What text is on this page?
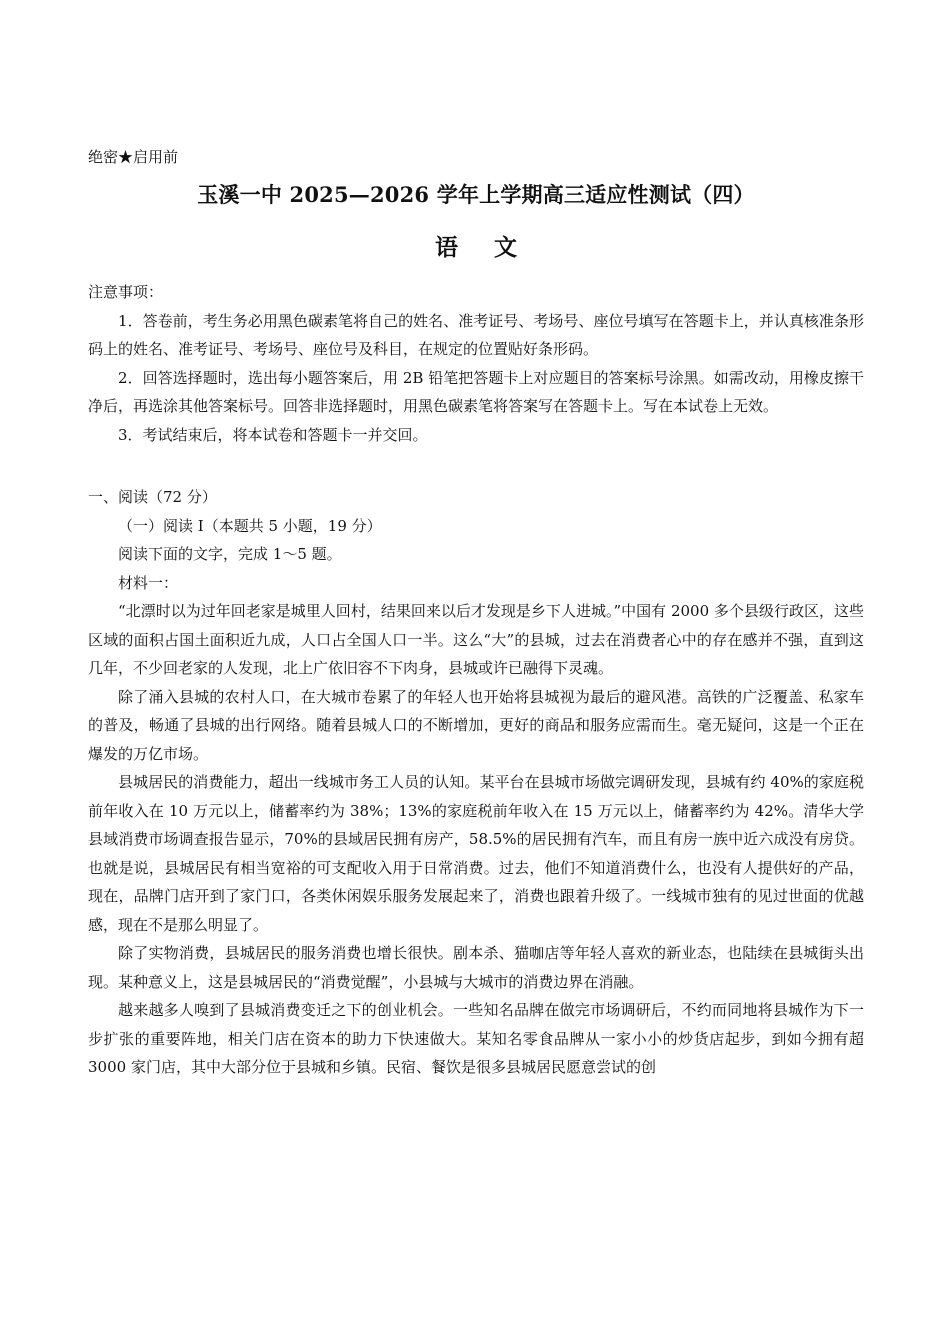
绝密★启用前
玉溪一中 2025—2026 学年上学期高三适应性测试（四）
语文

注意事项：

1．答卷前，考生务必用黑色碳素笔将自己的姓名、准考证号、考场号、座位号填写在答题卡上，并认真核准条形码上的姓名、准考证号、考场号、座位号及科目，在规定的位置贴好条形码。

2．回答选择题时，选出每小题答案后，用 2B 铅笔把答题卡上对应题目的答案标号涂黑。如需改动，用橡皮擦干净后，再选涂其他答案标号。回答非选择题时，用黑色碳素笔将答案写在答题卡上。写在本试卷上无效。

3．考试结束后，将本试卷和答题卡一并交回。

一、阅读（72 分）

（一）阅读 I（本题共 5 小题，19 分）

阅读下面的文字，完成 1～5 题。

材料一：

“北漂时以为过年回老家是城里人回村，结果回来以后才发现是乡下人进城。”中国有 2000 多个县级行政区，这些区域的面积占国土面积近九成，人口占全国人口一半。这么“大”的县城，过去在消费者心中的存在感并不强，直到这几年，不少回老家的人发现，北上广依旧容不下肉身，县城或许已融得下灵魂。

除了涌入县城的农村人口，在大城市卷累了的年轻人也开始将县城视为最后的避风港。高铁的广泛覆盖、私家车的普及，畅通了县城的出行网络。随着县城人口的不断增加，更好的商品和服务应需而生。毫无疑问，这是一个正在爆发的万亿市场。

县城居民的消费能力，超出一线城市务工人员的认知。某平台在县城市场做完调研发现，县城有约 40%的家庭税前年收入在 10 万元以上，储蓄率约为 38%；13%的家庭税前年收入在 15 万元以上，储蓄率约为 42%。清华大学县域消费市场调查报告显示，70%的县域居民拥有房产，58.5%的居民拥有汽车，而且有房一族中近六成没有房贷。也就是说，县城居民有相当宽裕的可支配收入用于日常消费。过去，他们不知道消费什么，也没有人提供好的产品，现在，品牌门店开到了家门口，各类休闲娱乐服务发展起来了，消费也跟着升级了。一线城市独有的见过世面的优越感，现在不是那么明显了。

除了实物消费，县城居民的服务消费也增长很快。剧本杀、猫咖店等年轻人喜欢的新业态，也陆续在县城街头出现。某种意义上，这是县城居民的“消费觉醒”，小县城与大城市的消费边界在消融。

越来越多人嗅到了县城消费变迁之下的创业机会。一些知名品牌在做完市场调研后，不约而同地将县城作为下一步扩张的重要阵地，相关门店在资本的助力下快速做大。某知名零食品牌从一家小小的炒货店起步，到如今拥有超 3000 家门店，其中大部分位于县城和乡镇。民宿、餐饮是很多县城居民愿意尝试的创
